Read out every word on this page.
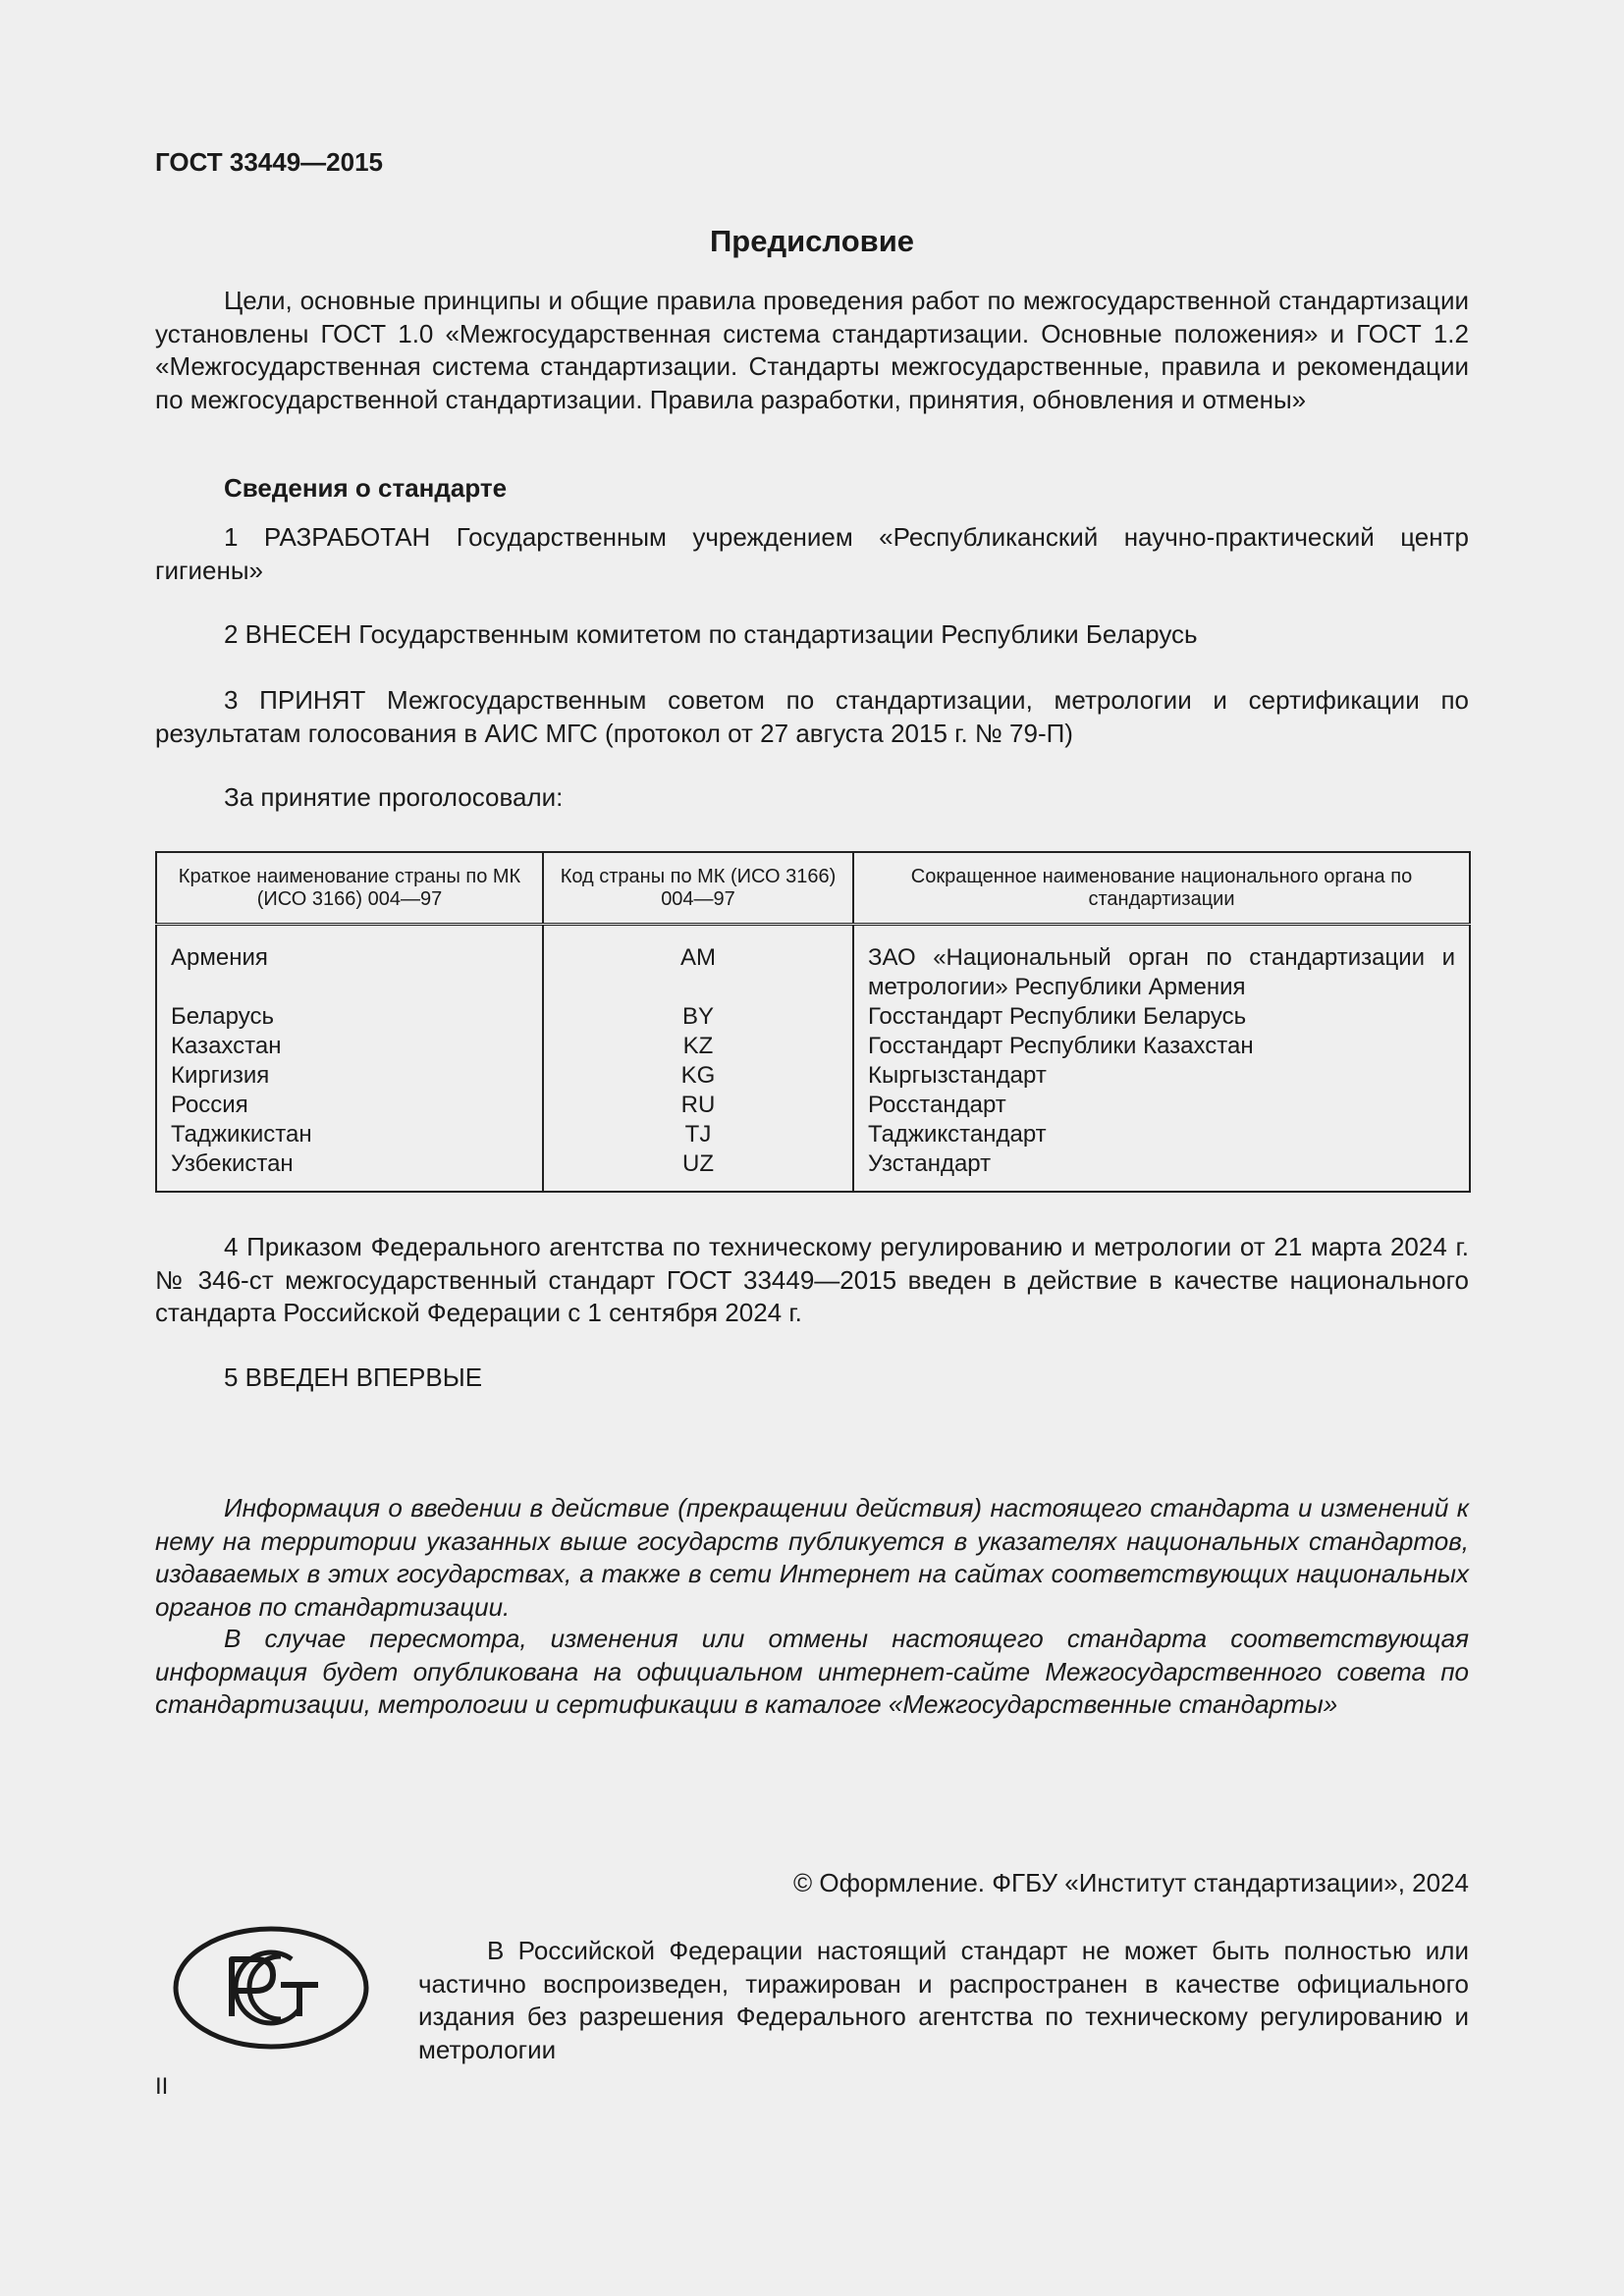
ГОСТ 33449—2015
Предисловие
Цели, основные принципы и общие правила проведения работ по межгосударственной стандартизации установлены ГОСТ 1.0 «Межгосударственная система стандартизации. Основные положения» и ГОСТ 1.2 «Межгосударственная система стандартизации. Стандарты межгосударственные, правила и рекомендации по межгосударственной стандартизации. Правила разработки, принятия, обновления и отмены»
Сведения о стандарте
1 РАЗРАБОТАН Государственным учреждением «Республиканский научно-практический центр гигиены»
2 ВНЕСЕН Государственным комитетом по стандартизации Республики Беларусь
3 ПРИНЯТ Межгосударственным советом по стандартизации, метрологии и сертификации по результатам голосования в АИС МГС (протокол от 27 августа 2015 г. № 79-П)
За принятие проголосовали:
Краткое наименование страны по МК (ИСО 3166) 004—97	Код страны по МК (ИСО 3166) 004—97	Сокращенное наименование национального органа по стандартизации
Армения	AM	ЗАО «Национальный орган по стандартизации и метрологии» Республики Армения
Беларусь	BY	Госстандарт Республики Беларусь
Казахстан	KZ	Госстандарт Республики Казахстан
Киргизия	KG	Кыргызстандарт
Россия	RU	Росстандарт
Таджикистан	TJ	Таджикстандарт
Узбекистан	UZ	Узстандарт
4 Приказом Федерального агентства по техническому регулированию и метрологии от 21 марта 2024 г. № 346-ст межгосударственный стандарт ГОСТ 33449—2015 введен в действие в качестве национального стандарта Российской Федерации с 1 сентября 2024 г.
5 ВВЕДЕН ВПЕРВЫЕ
Информация о введении в действие (прекращении действия) настоящего стандарта и изменений к нему на территории указанных выше государств публикуется в указателях национальных стандартов, издаваемых в этих государствах, а также в сети Интернет на сайтах соответствующих национальных органов по стандартизации.
В случае пересмотра, изменения или отмены настоящего стандарта соответствующая информация будет опубликована на официальном интернет-сайте Межгосударственного совета по стандартизации, метрологии и сертификации в каталоге «Межгосударственные стандарты»
© Оформление. ФГБУ «Институт стандартизации», 2024
В Российской Федерации настоящий стандарт не может быть полностью или частично воспроизведен, тиражирован и распространен в качестве официального издания без разрешения Федерального агентства по техническому регулированию и метрологии
II
